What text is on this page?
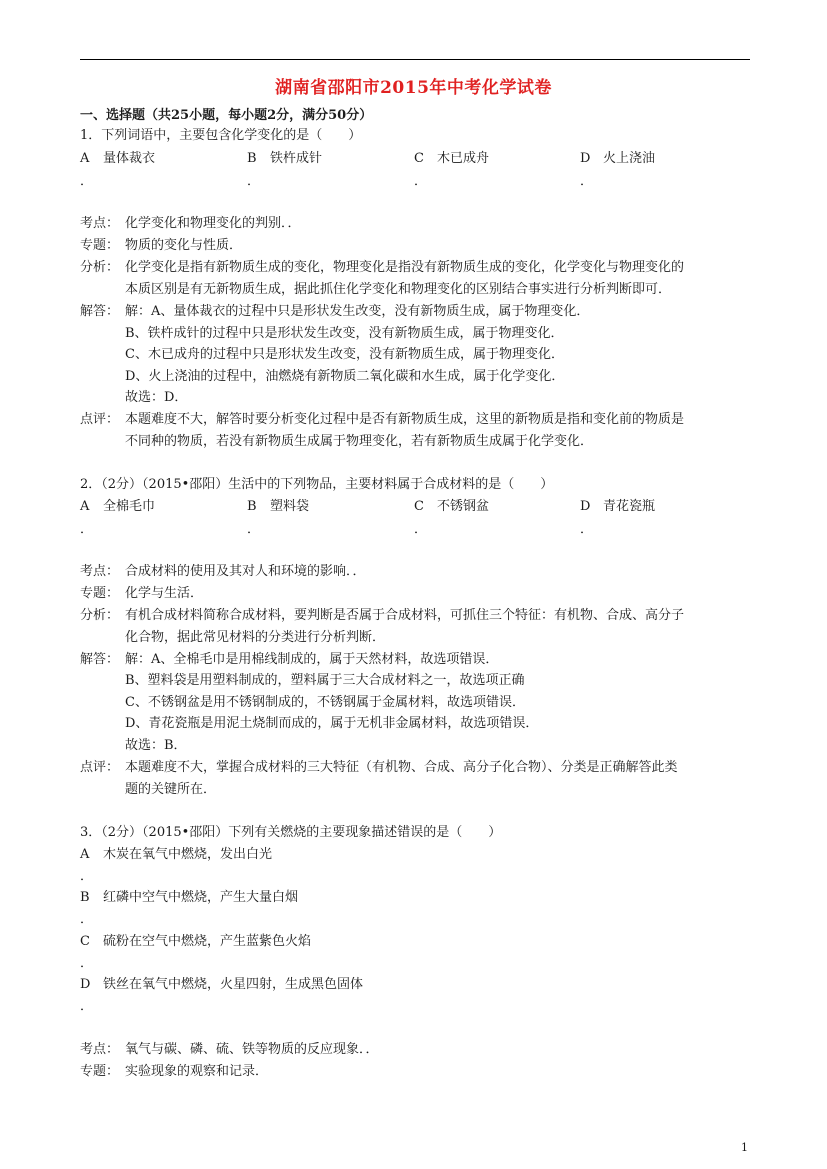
湖南省邵阳市2015年中考化学试卷
一、选择题（共25小题，每小题2分，满分50分）
1．下列词语中，主要包含化学变化的是（　　）
A 量体裁衣	B 铁杵成针	C 木已成舟	D 火上浇油
．	．	．	．
考点： 化学变化和物理变化的判别．．
专题： 物质的变化与性质．
分析： 化学变化是指有新物质生成的变化，物理变化是指没有新物质生成的变化，化学变化与物理变化的
本质区别是有无新物质生成，据此抓住化学变化和物理变化的区别结合事实进行分析判断即可．
解答： 解：A、量体裁衣的过程中只是形状发生改变，没有新物质生成，属于物理变化．
B、铁杵成针的过程中只是形状发生改变，没有新物质生成，属于物理变化．
C、木已成舟的过程中只是形状发生改变，没有新物质生成，属于物理变化．
D、火上浇油的过程中，油燃烧有新物质二氧化碳和水生成，属于化学变化．
故选：D．
点评： 本题难度不大，解答时要分析变化过程中是否有新物质生成，这里的新物质是指和变化前的物质是
不同种的物质，若没有新物质生成属于物理变化，若有新物质生成属于化学变化．
2．（2分）（2015•邵阳）生活中的下列物品，主要材料属于合成材料的是（　　）
A 全棉毛巾	B 塑料袋	C 不锈钢盆	D 青花瓷瓶
．	．	．	．
考点： 合成材料的使用及其对人和环境的影响．．
专题： 化学与生活．
分析： 有机合成材料简称合成材料，要判断是否属于合成材料，可抓住三个特征：有机物、合成、高分子
化合物，据此常见材料的分类进行分析判断．
解答： 解：A、全棉毛巾是用棉线制成的，属于天然材料，故选项错误．
B、塑料袋是用塑料制成的，塑料属于三大合成材料之一，故选项正确
C、不锈钢盆是用不锈钢制成的，不锈钢属于金属材料，故选项错误．
D、青花瓷瓶是用泥土烧制而成的，属于无机非金属材料，故选项错误．
故选：B．
点评： 本题难度不大，掌握合成材料的三大特征（有机物、合成、高分子化合物）、分类是正确解答此类
题的关键所在．
3．（2分）（2015•邵阳）下列有关燃烧的主要现象描述错误的是（　　）
A 木炭在氧气中燃烧，发出白光
．
B 红磷中空气中燃烧，产生大量白烟
．
C 硫粉在空气中燃烧，产生蓝紫色火焰
．
D 铁丝在氧气中燃烧，火星四射，生成黑色固体
．
考点： 氧气与碳、磷、硫、铁等物质的反应现象．．
专题： 实验现象的观察和记录．
1
